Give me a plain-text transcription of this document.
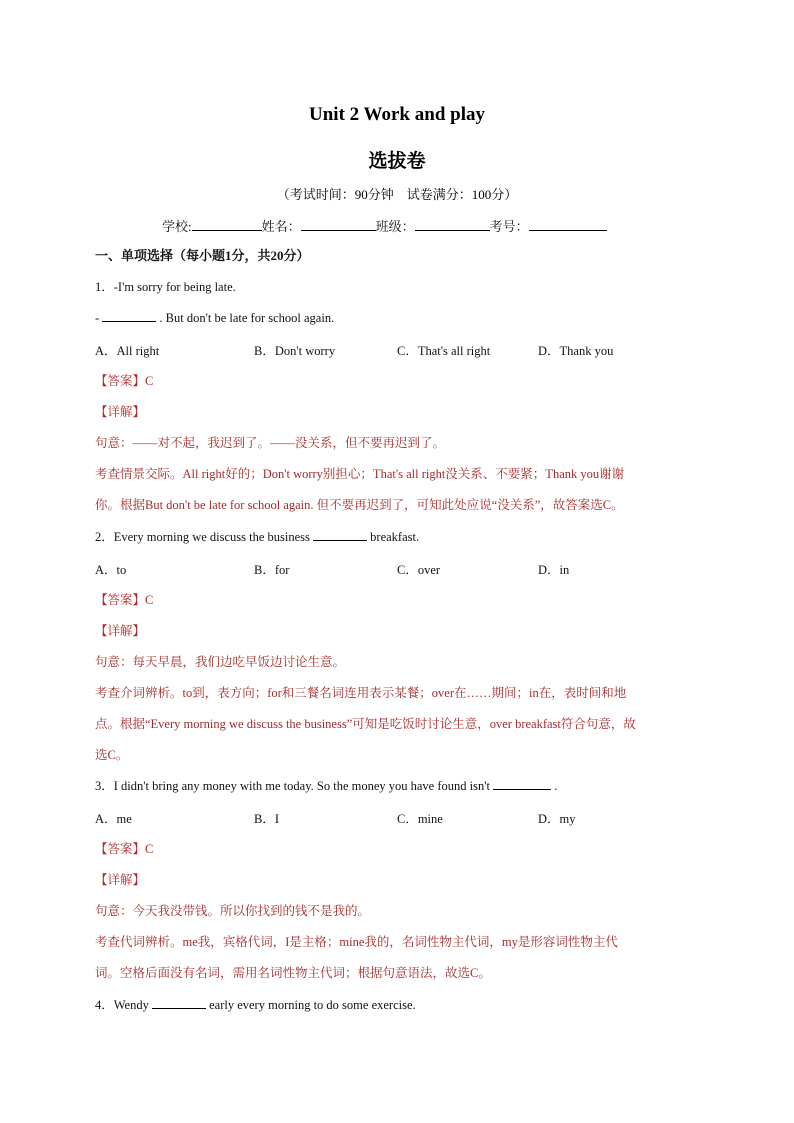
Unit 2 Work and play
选拔卷
（考试时间：90分钟　试卷满分：100分）
学校:	姓名：	班级：	考号：
一、单项选择（每小题1分，共20分）
1．-I'm sorry for being late.
-	. But don't be late for school again.
A．All right	B．Don't worry	C．That's all right	D．Thank you
【答案】C
【详解】
句意：——对不起，我迟到了。——没关系，但不要再迟到了。
考查情景交际。All right好的；Don't worry别担心；That's all right没关系、不要紧；Thank you谢谢
你。根据But don't be late for school again. 但不要再迟到了，可知此处应说“没关系”，故答案选C。
2．Every morning we discuss the business	breakfast.
A．to	B．for	C．over	D．in
【答案】C
【详解】
句意：每天早晨，我们边吃早饭边讨论生意。
考查介词辨析。to到，表方向；for和三餐名词连用表示某餐；over在……期间；in在，表时间和地
点。根据“Every morning we discuss the business”可知是吃饭时讨论生意，over breakfast符合句意，故
选C。
3．I didn't bring any money with me today. So the money you have found isn't	.
A．me	B．I	C．mine	D．my
【答案】C
【详解】
句意：今天我没带钱。所以你找到的钱不是我的。
考查代词辨析。me我，宾格代词，I是主格；mine我的，名词性物主代词，my是形容词性物主代
词。空格后面没有名词，需用名词性物主代词；根据句意语法，故选C。
4．Wendy	early every morning to do some exercise.
